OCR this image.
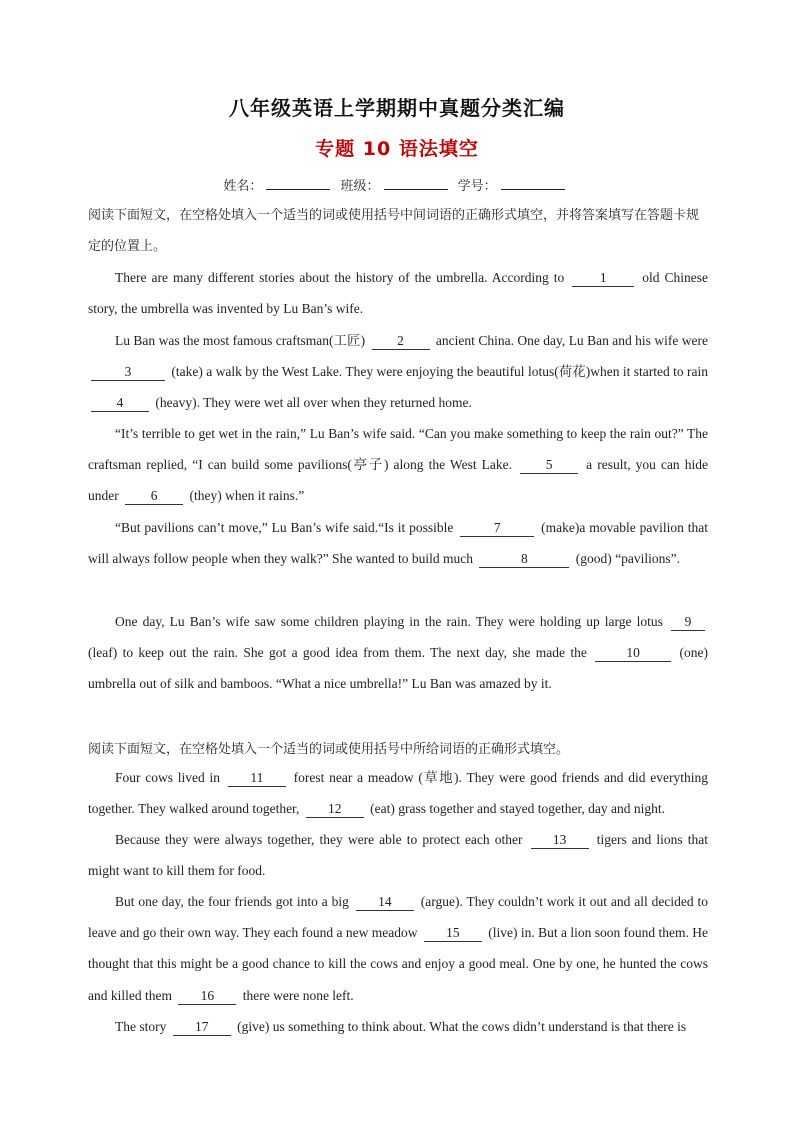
八年级英语上学期期中真题分类汇编
专题 10 语法填空
姓名：	班级：	学号：
阅读下面短文，在空格处填入一个适当的词或使用括号中间词语的正确形式填空，并将答案填写在答题卡规定的位置上。
There are many different stories about the history of the umbrella. According to 1 old Chinese story, the umbrella was invented by Lu Ban’s wife.
Lu Ban was the most famous craftsman(工匠) 2 ancient China. One day, Lu Ban and his wife were 3	(take) a walk by the West Lake. They were enjoying the beautiful lotus(荷花)when it started to rain 4 (heavy). They were wet all over when they returned home.
“It’s terrible to get wet in the rain,” Lu Ban’s wife said. “Can you make something to keep the rain out?” The craftsman replied, “I can build some pavilions(亭子) along the West Lake. 5 a result, you can hide under 6 (they) when it rains.”
“But pavilions can’t move,” Lu Ban’s wife said.“Is it possible	7	(make)a movable pavilion that will always follow people when they walk?” She wanted to build much	8	(good) “pavilions”.
One day, Lu Ban’s wife saw some children playing in the rain. They were holding up large lotus 9 (leaf) to keep out the rain. She got a good idea from them. The next day, she made the	10	(one) umbrella out of silk and bamboos. “What a nice umbrella!” Lu Ban was amazed by it.
阅读下面短文，在空格处填入一个适当的词或使用括号中所给词语的正确形式填空。
Four cows lived in 11 forest near a meadow (草地). They were good friends and did everything together. They walked around together, 12 (eat) grass together and stayed together, day and night.
Because they were always together, they were able to protect each other 13 tigers and lions that might want to kill them for food.
But one day, the four friends got into a big 14 (argue). They couldn’t work it out and all decided to leave and go their own way. They each found a new meadow 15 (live) in. But a lion soon found them. He thought that this might be a good chance to kill the cows and enjoy a good meal. One by one, he hunted the cows and killed them 16 there were none left.
The story 17 (give) us something to think about. What the cows didn’t understand is that there is
